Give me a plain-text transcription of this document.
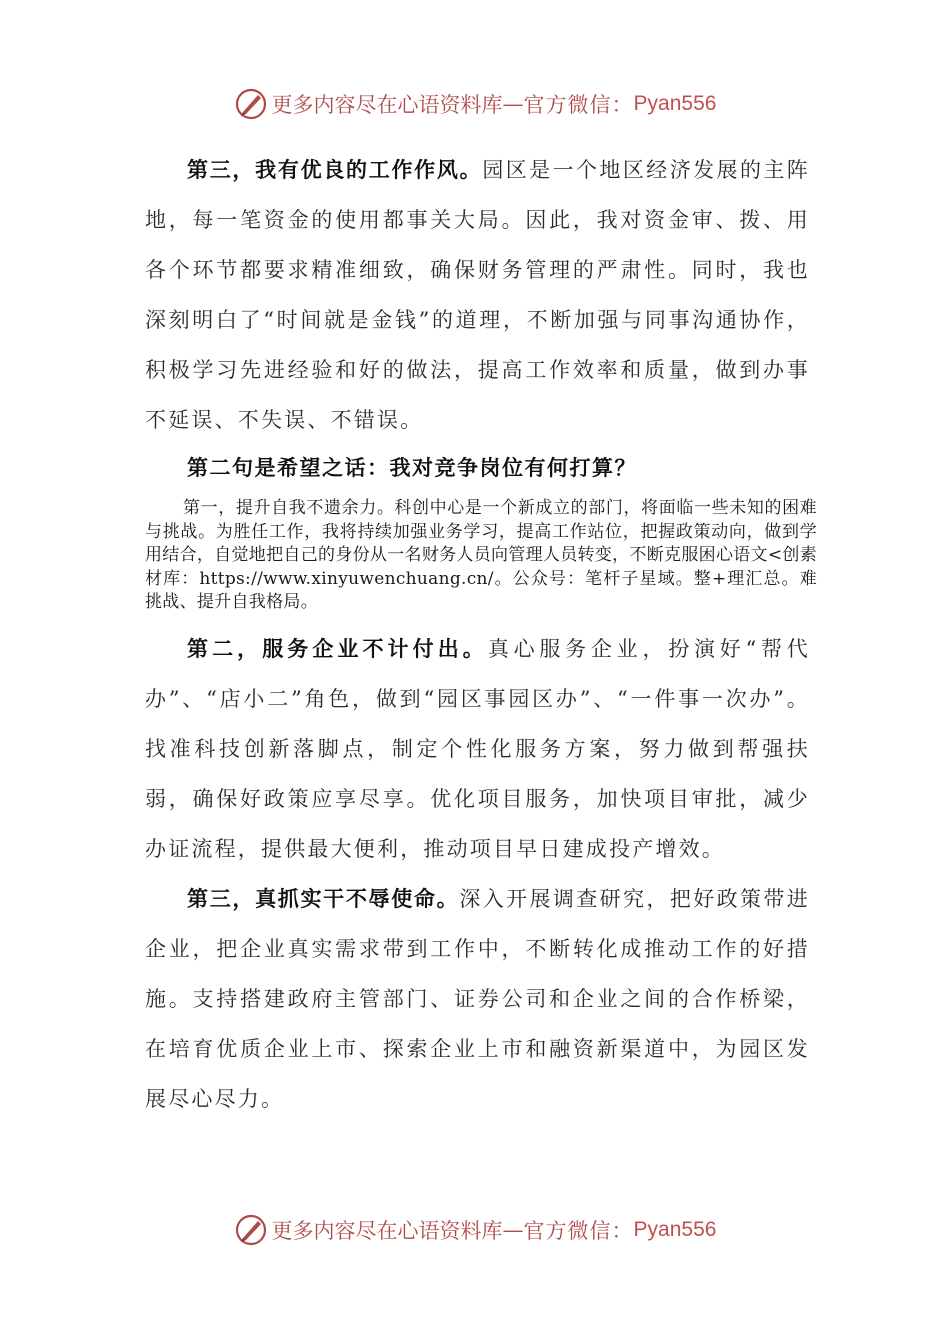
更多内容尽在心语资料库 — 官方微信： Pyan556

第三，我有优良的工作作风。园区是一个地区经济发展的主阵地，每一笔资金的使用都事关大局。因此，我对资金审、拨、用各个环节都要求精准细致，确保财务管理的严肃性。同时，我也深刻明白了“时间就是金钱”的道理，不断加强与同事沟通协作，积极学习先进经验和好的做法，提高工作效率和质量，做到办事不延误、不失误、不错误。

第二句是希望之话：我对竞争岗位有何打算？

第一，提升自我不遗余力。科创中心是一个新成立的部门，将面临一些未知的困难与挑战。为胜任工作，我将持续加强业务学习，提高工作站位，把握政策动向，做到学用结合，自觉地把自己的身份从一名财务人员向管理人员转变，不断克服困心语文<创素材库：https://www.xinyuwenchuang.cn/。公众号：笔杆子星域。整+理汇总。难挑战、提升自我格局。

第二，服务企业不计付出。真心服务企业，扮演好“帮代办”、“店小二”角色，做到“园区事园区办”、“一件事一次办”。找准科技创新落脚点，制定个性化服务方案，努力做到帮强扶弱，确保好政策应享尽享。优化项目服务，加快项目审批，减少办证流程，提供最大便利，推动项目早日建成投产增效。

第三，真抓实干不辱使命。深入开展调查研究，把好政策带进企业，把企业真实需求带到工作中，不断转化成推动工作的好措施。支持搭建政府主管部门、证券公司和企业之间的合作桥梁，在培育优质企业上市、探索企业上市和融资新渠道中，为园区发展尽心尽力。

更多内容尽在心语资料库 — 官方微信： Pyan556
